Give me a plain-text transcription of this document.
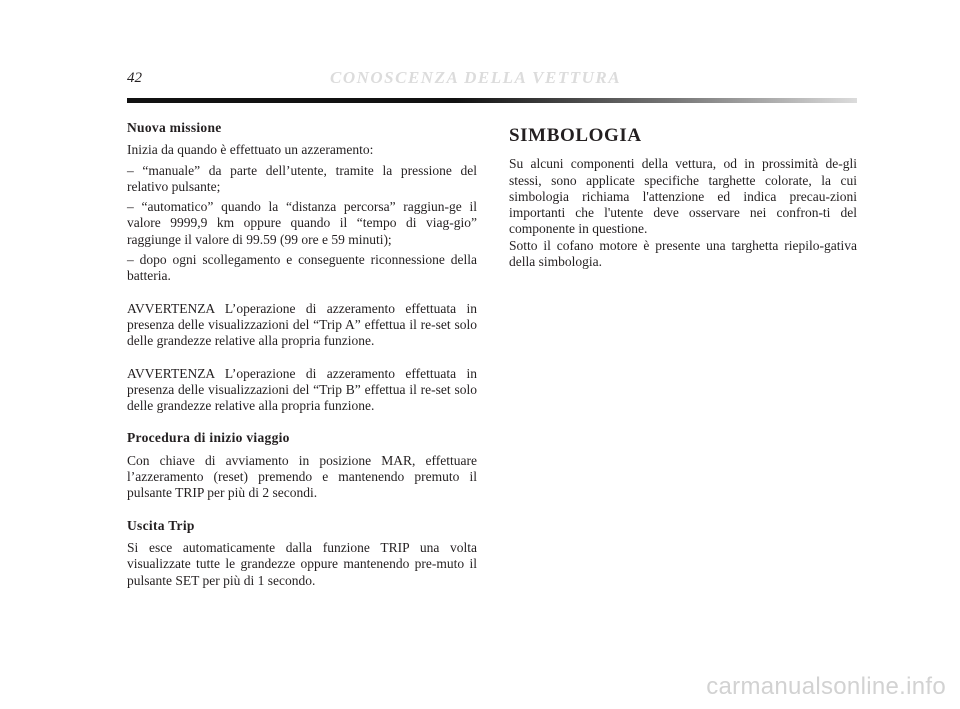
42	CONOSCENZA DELLA VETTURA

Nuova missione

Inizia da quando è effettuato un azzeramento:

– “manuale” da parte dell’utente, tramite la pressione del relativo pulsante;

– “automatico” quando la “distanza percorsa” raggiun-ge il valore 9999,9 km oppure quando il “tempo di viag-gio” raggiunge il valore di 99.59 (99 ore e 59 minuti);

– dopo ogni scollegamento e conseguente riconnessione della batteria.

AVVERTENZA L’operazione di azzeramento effettuata in presenza delle visualizzazioni del “Trip A” effettua il re-set solo delle grandezze relative alla propria funzione.

AVVERTENZA L’operazione di azzeramento effettuata in presenza delle visualizzazioni del “Trip B” effettua il re-set solo delle grandezze relative alla propria funzione.

Procedura di inizio viaggio

Con chiave di avviamento in posizione MAR, effettuare l’azzeramento (reset) premendo e mantenendo premuto il pulsante TRIP per più di 2 secondi.

Uscita Trip

Si esce automaticamente dalla funzione TRIP una volta visualizzate tutte le grandezze oppure mantenendo pre-muto il pulsante SET per più di 1 secondo.

SIMBOLOGIA

Su alcuni componenti della vettura, od in prossimità de-gli stessi, sono applicate specifiche targhette colorate, la cui simbologia richiama l'attenzione ed indica precau-zioni importanti che l'utente deve osservare nei confron-ti del componente in questione.

Sotto il cofano motore è presente una targhetta riepilo-gativa della simbologia.

carmanualsonline.info
